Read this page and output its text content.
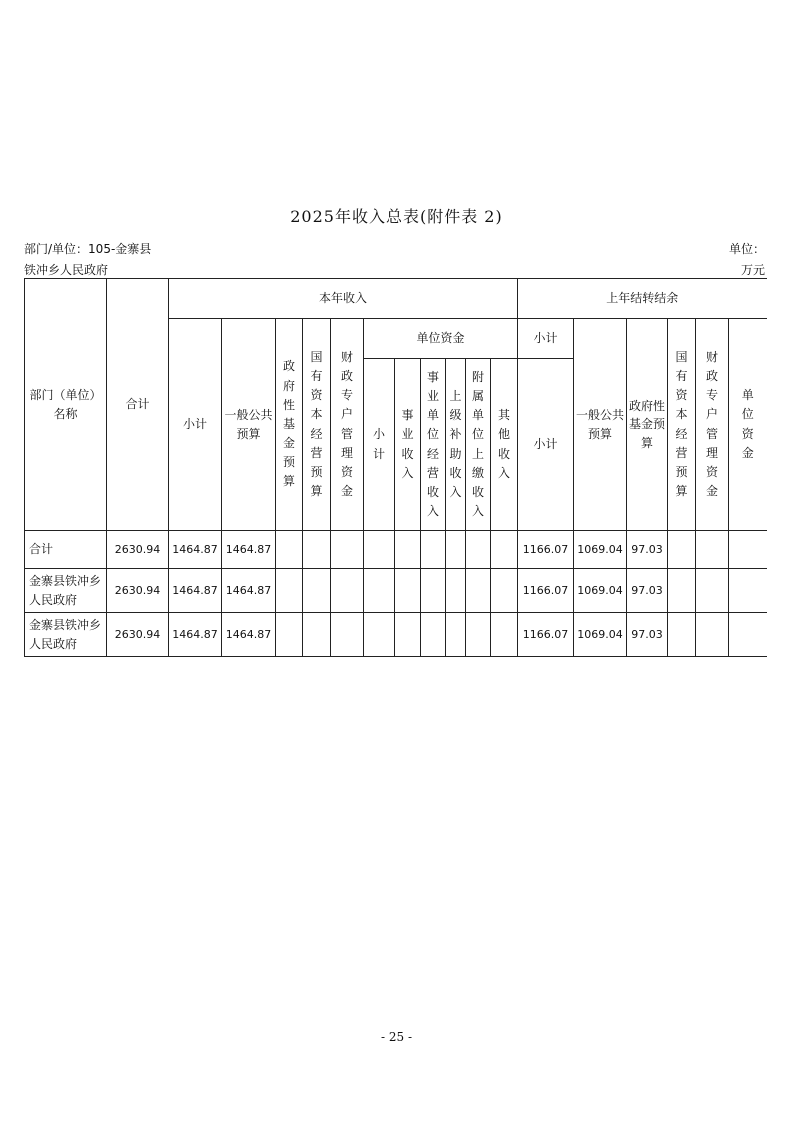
2025年收入总表(附件表 2)
部门/单位：105-金寨县	单位：
铁冲乡人民政府	万元
部门（单位）名称	合计	本年收入											上年结转结余					
		小计	一般公共预算	政府性基金预算	国有资本经营预算	财政专户管理资金	单位资金						小计	一般公共预算	政府性基金预算	国有资本经营预算	财政专户管理资金	单位资金
							小计	事业收入	事业单位经营收入	上级补助收入	附属单位上缴收入	其他收入	小计					
合计	2630.94	1464.87	1464.87										1166.07	1069.04	97.03			
金寨县铁冲乡人民政府	2630.94	1464.87	1464.87										1166.07	1069.04	97.03			
金寨县铁冲乡人民政府	2630.94	1464.87	1464.87										1166.07	1069.04	97.03			
- 25 -
